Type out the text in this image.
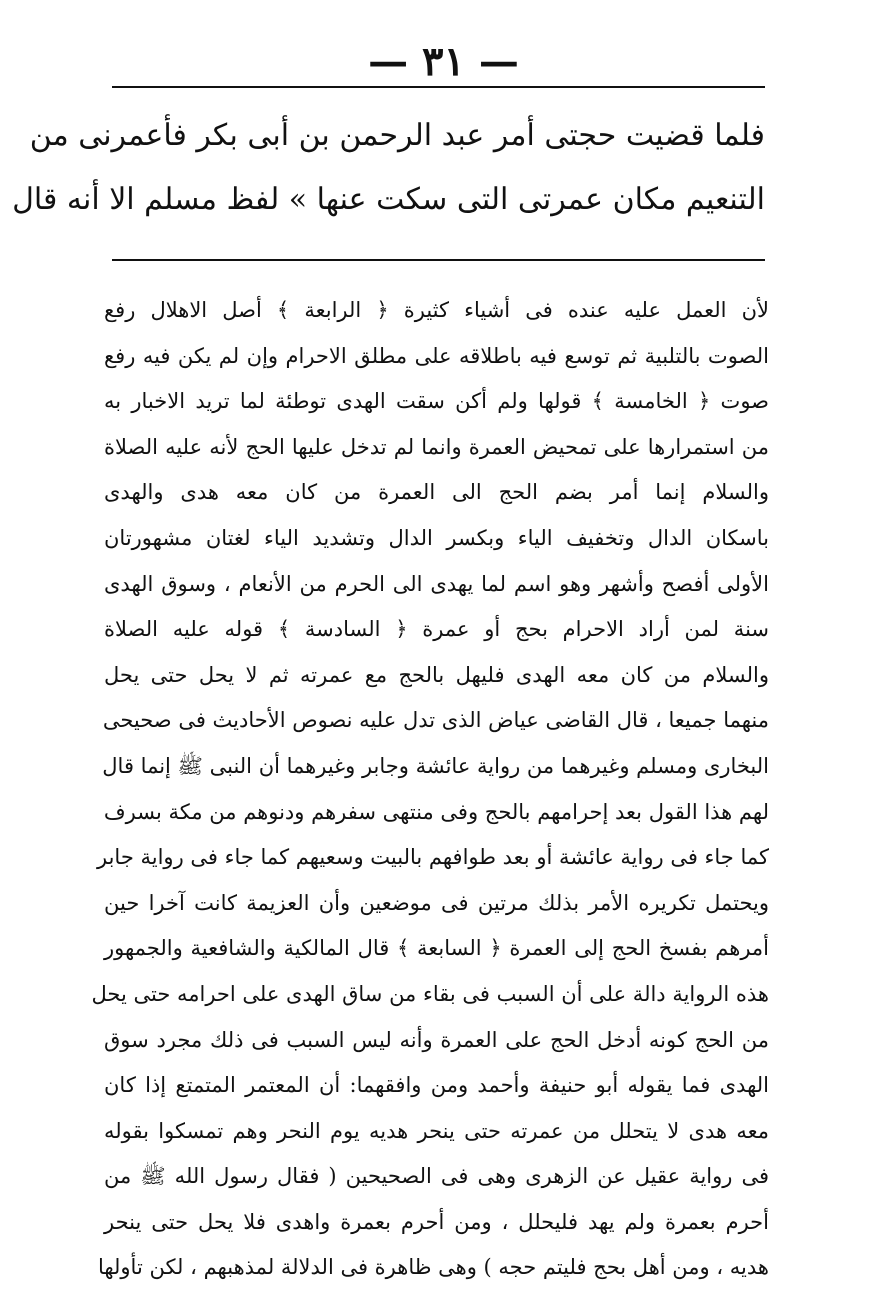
— ٣١ —
فلما قضيت حجتى أمر عبد الرحمن بن أبى بكر فأعمرنى من
التنعيم مكان عمرتى التى سكت عنها » لفظ مسلم الا أنه قال
لأن العمل عليه عنده فى أشياء كثيرة ﴿ الرابعة ﴾ أصل الاهلال رفع
الصوت بالتلبية ثم توسع فيه باطلاقه على مطلق الاحرام وإن لم يكن فيه رفع
صوت ﴿ الخامسة ﴾ قولها ولم أكن سقت الهدى توطئة لما تريد الاخبار به
من استمرارها على تمحيض العمرة وانما لم تدخل عليها الحج لأنه عليه الصلاة
والسلام إنما أمر بضم الحج الى العمرة من كان معه هدى والهدى
باسكان الدال وتخفيف الياء وبكسر الدال وتشديد الياء لغتان مشهورتان
الأولى أفصح وأشهر وهو اسم لما يهدى الى الحرم من الأنعام ، وسوق الهدى
سنة لمن أراد الاحرام بحج أو عمرة ﴿ السادسة ﴾ قوله عليه الصلاة
والسلام من كان معه الهدى فليهل بالحج مع عمرته ثم لا يحل حتى يحل
منهما جميعا ، قال القاضى عياض الذى تدل عليه نصوص الأحاديث فى صحيحى
البخارى ومسلم وغيرهما من رواية عائشة وجابر وغيرهما أن النبى ﷺ إنما قال
لهم هذا القول بعد إحرامهم بالحج وفى منتهى سفرهم ودنوهم من مكة بسرف
كما جاء فى رواية عائشة أو بعد طوافهم بالبيت وسعيهم كما جاء فى رواية جابر
ويحتمل تكريره الأمر بذلك مرتين فى موضعين وأن العزيمة كانت آخرا حين
أمرهم بفسخ الحج إلى العمرة ﴿ السابعة ﴾ قال المالكية والشافعية والجمهور
هذه الرواية دالة على أن السبب فى بقاء من ساق الهدى على احرامه حتى يحل
من الحج كونه أدخل الحج على العمرة وأنه ليس السبب فى ذلك مجرد سوق
الهدى فما يقوله أبو حنيفة وأحمد ومن وافقهما: أن المعتمر المتمتع إذا كان
معه هدى لا يتحلل من عمرته حتى ينحر هديه يوم النحر وهم تمسكوا بقوله
فى رواية عقيل عن الزهرى وهى فى الصحيحين ( فقال رسول الله ﷺ من
أحرم بعمرة ولم يهد فليحلل ، ومن أحرم بعمرة واهدى فلا يحل حتى ينحر
هديه ، ومن أهل بحج فليتم حجه ) وهى ظاهرة فى الدلالة لمذهبهم ، لكن تأولها
